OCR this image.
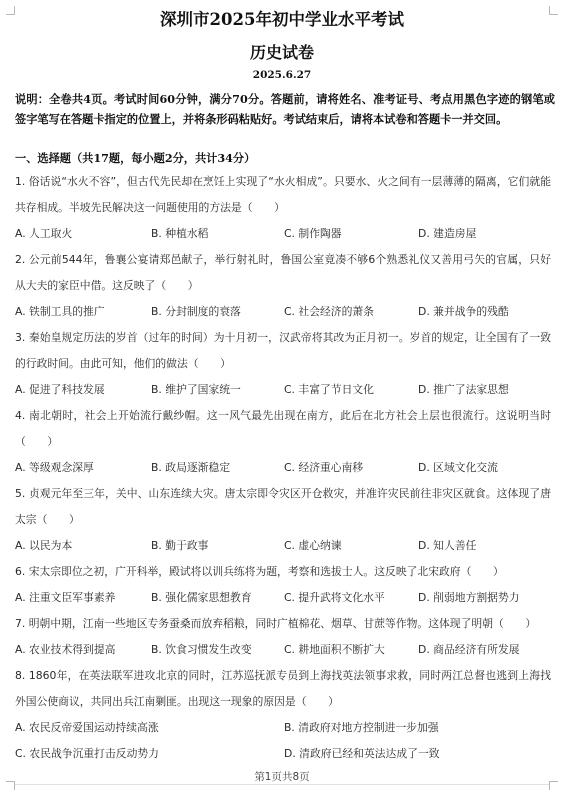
深圳市2025年初中学业水平考试
历史试卷
2025.6.27
说明：全卷共4页。考试时间60分钟，满分70分。答题前，请将姓名、准考证号、考点用黑色字迹的钢笔或签字笔写在答题卡指定的位置上，并将条形码粘贴好。考试结束后，请将本试卷和答题卡一并交回。
一、选择题（共17题，每小题2分，共计34分）
1. 俗话说“水火不容”，但古代先民却在烹饪上实现了“水火相成”。只要水、火之间有一层薄薄的隔离，它们就能共存相成。半坡先民解决这一问题使用的方法是（　　）
A. 人工取火	B. 种植水稻	C. 制作陶器	D. 建造房屋
2. 公元前544年，鲁襄公宴请郑邑献子，举行射礼时，鲁国公室竟凑不够6个熟悉礼仪又善用弓矢的官属，只好从大夫的家臣中借。这反映了（　　）
A. 铁制工具的推广	B. 分封制度的衰落	C. 社会经济的萧条	D. 兼并战争的残酷
3. 秦始皇规定历法的岁首（过年的时间）为十月初一，汉武帝将其改为正月初一。岁首的规定，让全国有了一致的行政时间。由此可知，他们的做法（　　）
A. 促进了科技发展	B. 维护了国家统一	C. 丰富了节日文化	D. 推广了法家思想
4. 南北朝时，社会上开始流行戴纱帽。这一风气最先出现在南方，此后在北方社会上层也很流行。这说明当时（　　）
A. 等级观念深厚	B. 政局逐渐稳定	C. 经济重心南移	D. 区域文化交流
5. 贞观元年至三年，关中、山东连续大灾。唐太宗即令灾区开仓救灾，并准许灾民前往非灾区就食。这体现了唐太宗（　　）
A. 以民为本	B. 勤于政事	C. 虚心纳谏	D. 知人善任
6. 宋太宗即位之初，广开科举，殿试将以训兵练将为题，考察和选拔士人。这反映了北宋政府（　　）
A. 注重文臣军事素养	B. 强化儒家思想教育	C. 提升武将文化水平	D. 削弱地方割据势力
7. 明朝中期，江南一些地区专务蚕桑而放弃稻粮，同时广植棉花、烟草、甘蔗等作物。这体现了明朝（　　）
A. 农业技术得到提高	B. 饮食习惯发生改变	C. 耕地面积不断扩大	D. 商品经济有所发展
8. 1860年，在英法联军进攻北京的同时，江苏巡抚派专员到上海找英法领事求救，同时两江总督也逃到上海找外国公使商议，共同出兵江南剿匪。出现这一现象的原因是（　　）
A. 农民反帝爱国运动持续高涨	B. 清政府对地方控制进一步加强
C. 农民战争沉重打击反动势力	D. 清政府已经和英法达成了一致
第1页共8页
